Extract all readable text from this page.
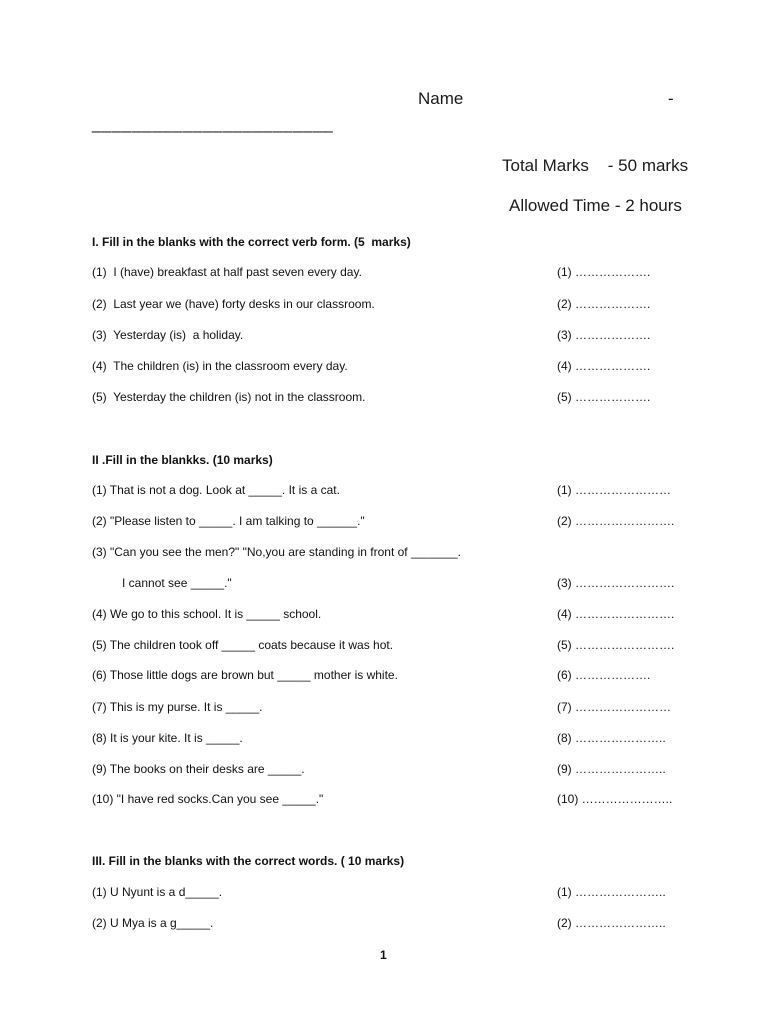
Name	-
________________________
Total Marks    - 50 marks
Allowed Time - 2 hours
I. Fill in the blanks with the correct verb form. (5  marks)
(1)  I (have) breakfast at half past seven every day.	(1) ……………….
(2)  Last year we (have) forty desks in our classroom.	(2) ……………….
(3)  Yesterday (is)  a holiday.	(3) ……………….
(4)  The children (is) in the classroom every day.	(4) ……………….
(5)  Yesterday the children (is) not in the classroom.	(5) ……………….
II .Fill in the blankks. (10 marks)
(1) That is not a dog. Look at _____. It is a cat.	(1) ……………………
(2) "Please listen to _____. I am talking to ______."	(2) …………………….
(3) "Can you see the men?" "No,you are standing in front of _______.
I cannot see _____."	(3) …………………….
(4) We go to this school. It is _____ school.	(4) …………………….
(5) The children took off _____ coats because it was hot.	(5) …………………….
(6) Those little dogs are brown but _____ mother is white.	(6) ……………….
(7) This is my purse. It is _____.	(7) ……………………
(8) It is your kite. It is _____.	(8) …………………..
(9) The books on their desks are _____.	(9) …………………..
(10) "I have red socks.Can you see _____."	(10) …………………..
III. Fill in the blanks with the correct words. ( 10 marks)
(1) U Nyunt is a d_____.	(1) …………………..
(2) U Mya is a g_____.	(2) …………………..
1
